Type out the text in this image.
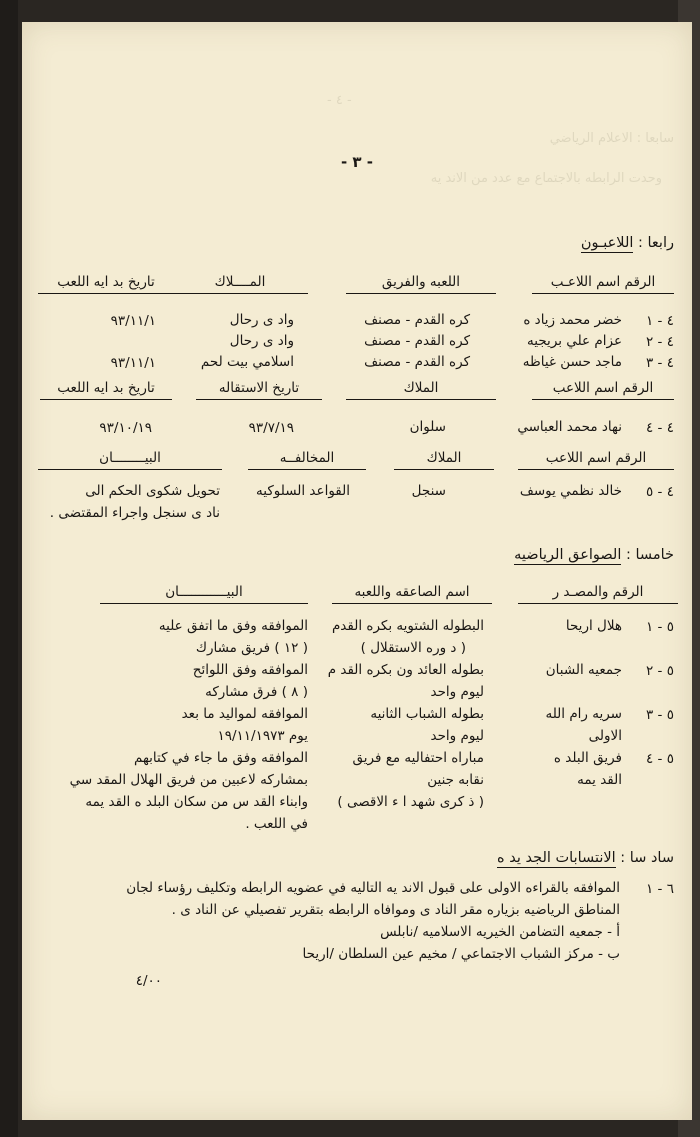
- ٤ -
سابعا : الاعلام الرياضي
وحدت الرابطه بالاجتماع مع عدد من الاند يه
- ٣ -
رابعا : اللاعبـون
الرقم اسم اللاعـب
اللعبه والفريق
المــــلاك
تاريخ بد ايه اللعب
٤ - ١
خضر محمد زياد ه
كره القدم - مصنف
واد ى رحال
٩٣/١١/١
٤ - ٢
عزام علي بريجيه
كره القدم - مصنف
واد ى رحال
٤ - ٣
ماجد حسن غياظه
كره القدم - مصنف
اسلامي بيت لحم
٩٣/١١/١
الرقم اسم اللاعب
الملاك
تاريخ الاستقاله
تاريخ بد ايه اللعب
٤ - ٤
نهاد محمد العباسي
سلوان
٩٣/٧/١٩
٩٣/١٠/١٩
الرقم اسم اللاعب
الملاك
المخالفــه
البيــــــــان
٤ - ٥
خالد نظمي يوسف
سنجل
القواعد السلوكيه
تحويل شكوى الحكم الى
ناد ى سنجل واجراء المقتضى .
خامسا : الصواعق الرياضيه
الرقم والمصـد ر
اسم الصاعقه واللعبه
البيــــــــــــان
٥ - ١
هلال اريحا
البطوله الشتويه بكره القدم
( د وره الاستقلال )
الموافقه وفق ما اتفق عليه
( ١٢ ) فريق مشارك
٥ - ٢
جمعيه الشبان
بطوله العائد ون بكره القد م
ليوم واحد
الموافقه وفق اللوائح
( ٨ ) فرق مشاركه
٥ - ٣
سريه رام الله
الاولى
بطوله الشباب الثانيه
ليوم واحد
الموافقه لمواليد ما بعد
يوم ١٩/١١/١٩٧٣
٥ - ٤
فريق البلد ه
القد يمه
مباراه احتفاليه مع فريق
نقابه جنين
( ذ كرى شهد ا ء الاقصى )
الموافقه وفق ما جاء في كتابهم
بمشاركه لاعبين من فريق الهلال المقد سي
وابناء القد س من سكان البلد ه القد يمه
في اللعب .
ساد سا : الانتسابات الجد يد ه
٦ - ١
الموافقه بالقراءه الاولى على قبول الاند يه التاليه في عضويه الرابطه وتكليف رؤساء لجان
المناطق الرياضيه بزياره مقر الناد ى وموافاه الرابطه بتقرير تفصيلي عن الناد ى .
أ - جمعيه التضامن الخيريه الاسلاميه /نابلس
ب - مركز الشباب الاجتماعي / مخيم عين السلطان /اريحا
٤/٠٠
